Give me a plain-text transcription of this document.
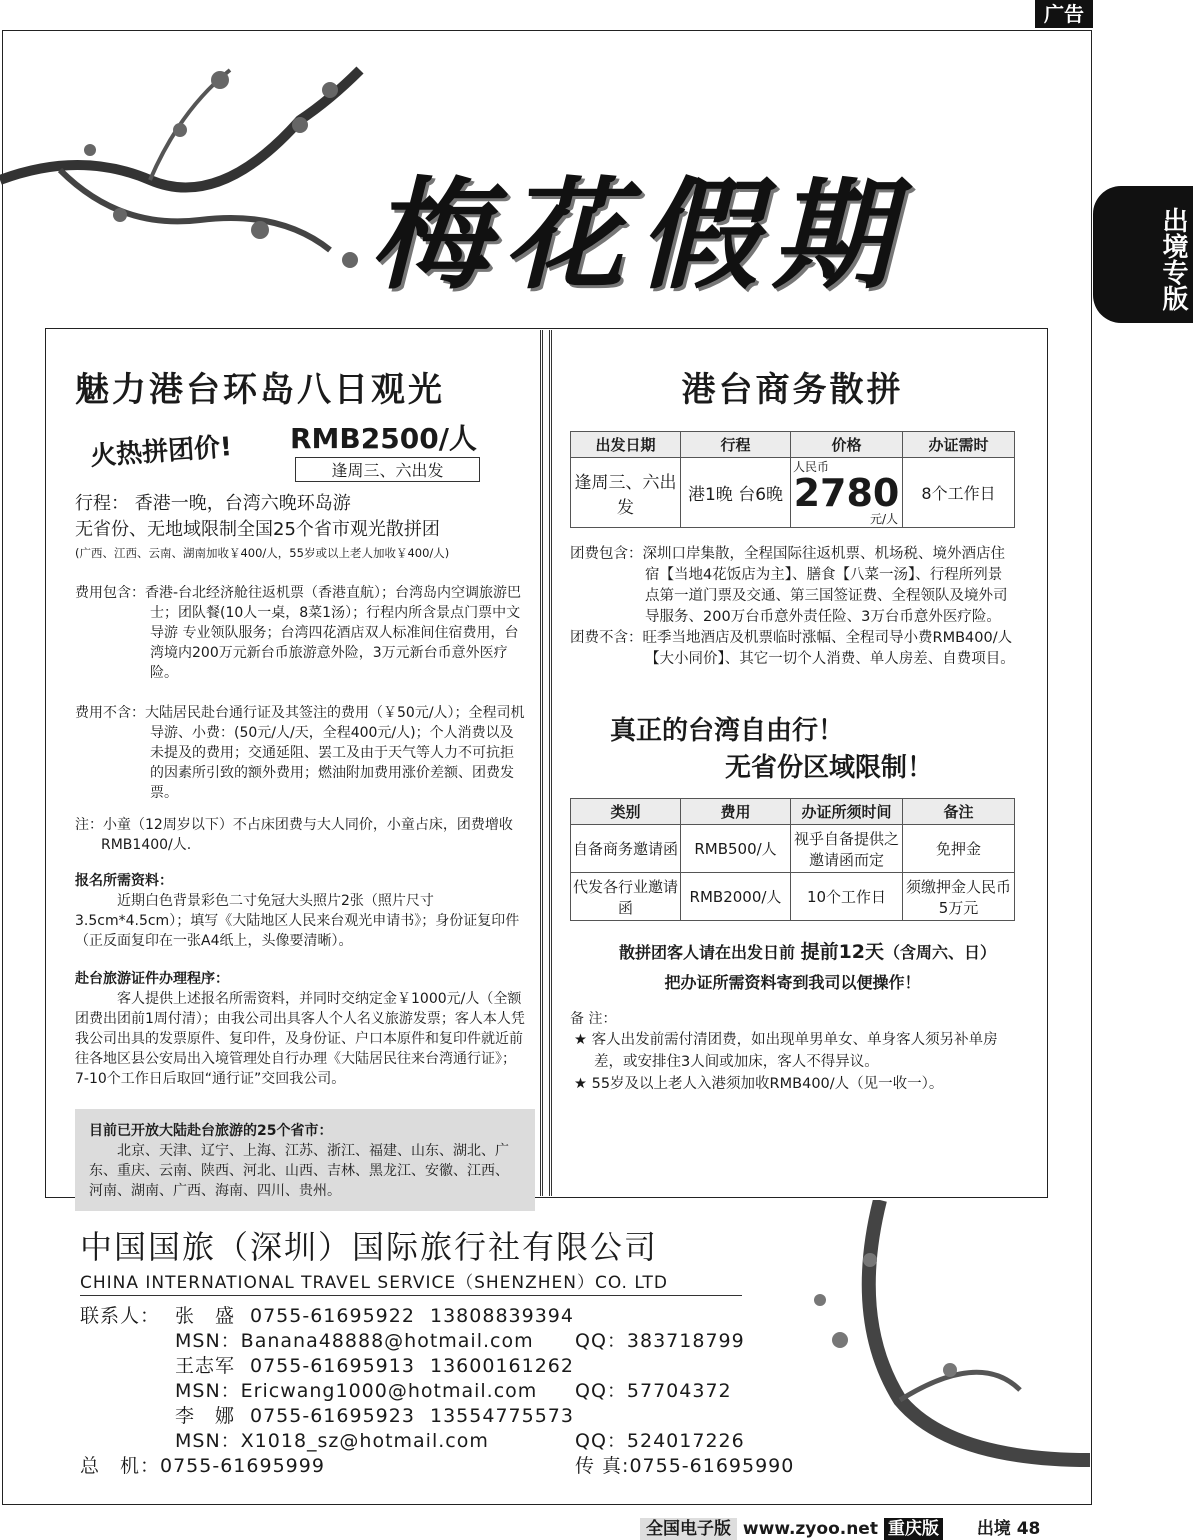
广告
出境专版
梅花假期
魅力港台环岛八日观光
火热拼团价! RMB2500/人
逢周三、六出发
行程： 香港一晚，台湾六晚环岛游
无省份、无地域限制全国25个省市观光散拼团
(广西、江西、云南、湖南加收￥400/人，55岁或以上老人加收￥400/人)
费用包含：香港-台北经济舱往返机票（香港直航）；台湾岛内空调旅游巴士；团队餐(10人一桌，8菜1汤）；行程内所含景点门票中文导游 专业领队服务；台湾四花酒店双人标准间住宿费用，台湾境内200万元新台币旅游意外险，3万元新台币意外医疗险。
费用不含：大陆居民赴台通行证及其签注的费用（￥50元/人）；全程司机导游、小费：(50元/人/天，全程400元/人)；个人消费以及未提及的费用；交通延阻、罢工及由于天气等人力不可抗拒的因素所引致的额外费用；燃油附加费用涨价差额、团费发票。
注：小童（12周岁以下）不占床团费与大人同价，小童占床，团费增收RMB1400/人.
报名所需资料：
近期白色背景彩色二寸免冠大头照片2张（照片尺寸3.5cm*4.5cm）；填写《大陆地区人民来台观光申请书》；身份证复印件（正反面复印在一张A4纸上，头像要清晰）。
赴台旅游证件办理程序：
客人提供上述报名所需资料，并同时交纳定金￥1000元/人（全额团费出团前1周付清）；由我公司出具客人个人名义旅游发票；客人本人凭我公司出具的发票原件、复印件，及身份证、户口本原件和复印件就近前往各地区县公安局出入境管理处自行办理《大陆居民往来台湾通行证》；7-10个工作日后取回“通行证”交回我公司。
目前已开放大陆赴台旅游的25个省市：
北京、天津、辽宁、上海、江苏、浙江、福建、山东、湖北、广东、重庆、云南、陕西、河北、山西、吉林、黑龙江、安徽、江西、河南、湖南、广西、海南、四川、贵州。
港台商务散拼
出发日期	行程	价格	办证需时
逢周三、六出发	港1晚 台6晚	人民币
2780
元/人	8个工作日
团费包含：深圳口岸集散，全程国际往返机票、机场税、境外酒店住宿【当地4花饭店为主】、膳食【八菜一汤】、行程所列景点第一道门票及交通、第三国签证费、全程领队及境外司导服务、200万台币意外责任险、3万台币意外医疗险。
团费不含：旺季当地酒店及机票临时涨幅、全程司导小费RMB400/人【大小同价】、其它一切个人消费、单人房差、自费项目。
真正的台湾自由行！
无省份区域限制！
类别	费用	办证所须时间	备注
自备商务邀请函	RMB500/人	视乎自备提供之邀请函而定	免押金
代发各行业邀请函	RMB2000/人	10个工作日	须缴押金人民币5万元
散拼团客人请在出发日前 提前12天（含周六、日）
把办证所需资料寄到我司以便操作！
备 注：
★ 客人出发前需付清团费，如出现单男单女、单身客人须另补单房差，或安排住3人间或加床，客人不得异议。
★ 55岁及以上老人入港须加收RMB400/人（见一收一）。
中国国旅（深圳）国际旅行社有限公司
CHINA INTERNATIONAL TRAVEL SERVICE（SHENZHEN）CO. LTD
联系人： 张　盛 0755-61695922 13808839394
MSN：Banana48888@hotmail.com QQ：383718799
王志军 0755-61695913 13600161262
MSN：Ericwang1000@hotmail.com QQ：57704372
李　娜 0755-61695923 13554775573
MSN：X1018_sz@hotmail.com	QQ：524017226
总　机：0755-61695999	传 真:0755-61695990
全国电子版 www.zyoo.net 重庆版 出境 48
